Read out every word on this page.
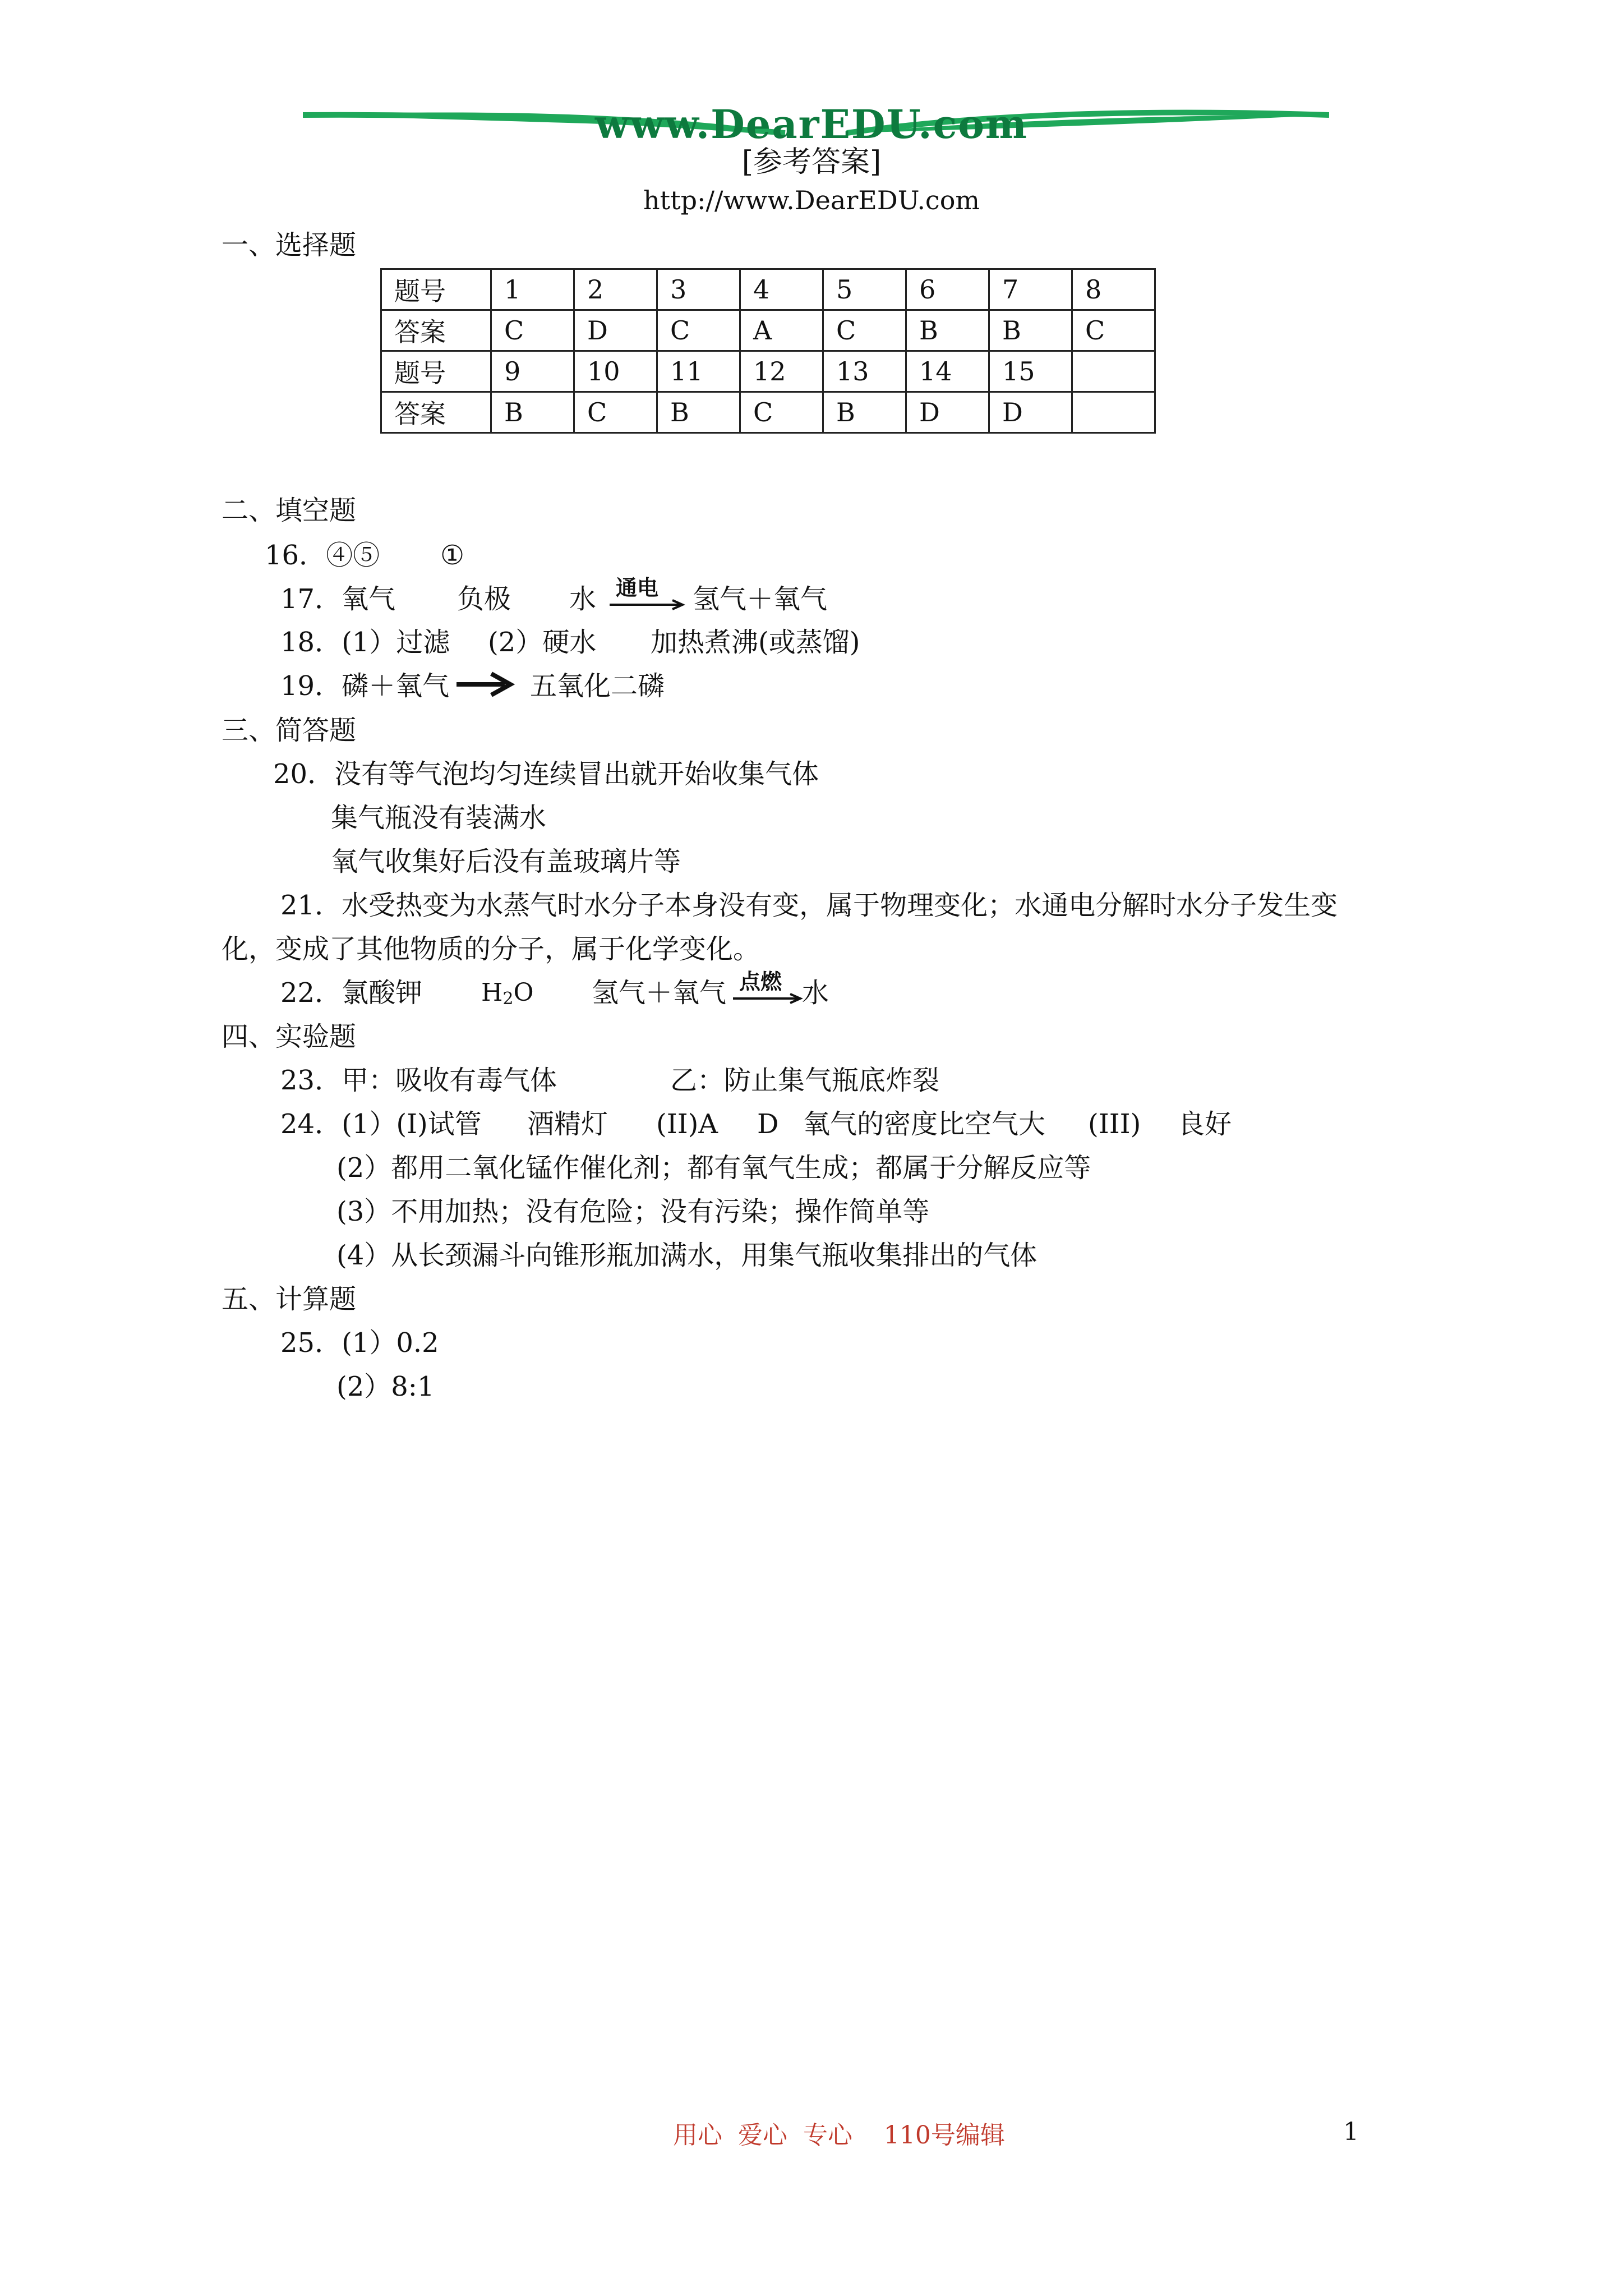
www.DearEDU.com
[参考答案]
http://www.DearEDU.com
一、选择题
题号	1	2	3	4	5	6	7	8
答案	C	D	C	A	C	B	B	C
题号	9	10	11	12	13	14	15	
答案	B	C	B	C	B	D	D	
二、填空题
16．④⑤ ①
17．氧气 负极 水 通电 氢气＋氧气
18．(1）过滤 (2）硬水 加热煮沸(或蒸馏)
19．磷＋氧气	五氧化二磷
三、简答题
20．没有等气泡均匀连续冒出就开始收集气体
集气瓶没有装满水
氧气收集好后没有盖玻璃片等
21．水受热变为水蒸气时水分子本身没有变，属于物理变化；水通电分解时水分子发生变
化，变成了其他物质的分子，属于化学变化。
22．氯酸钾 $H_2O$ 氢气＋氧气 点燃 水
四、实验题
23．甲：吸收有毒气体	乙：防止集气瓶底炸裂
24．(1）(I)试管 酒精灯 (II)A D 氧气的密度比空气大 (III) 良好
(2）都用二氧化锰作催化剂；都有氧气生成；都属于分解反应等
(3）不用加热；没有危险；没有污染；操作简单等
(4）从长颈漏斗向锥形瓶加满水，用集气瓶收集排出的气体
五、计算题
25．(1）0.2
(2）8:1
用心  爱心  专心    110号编辑	1
